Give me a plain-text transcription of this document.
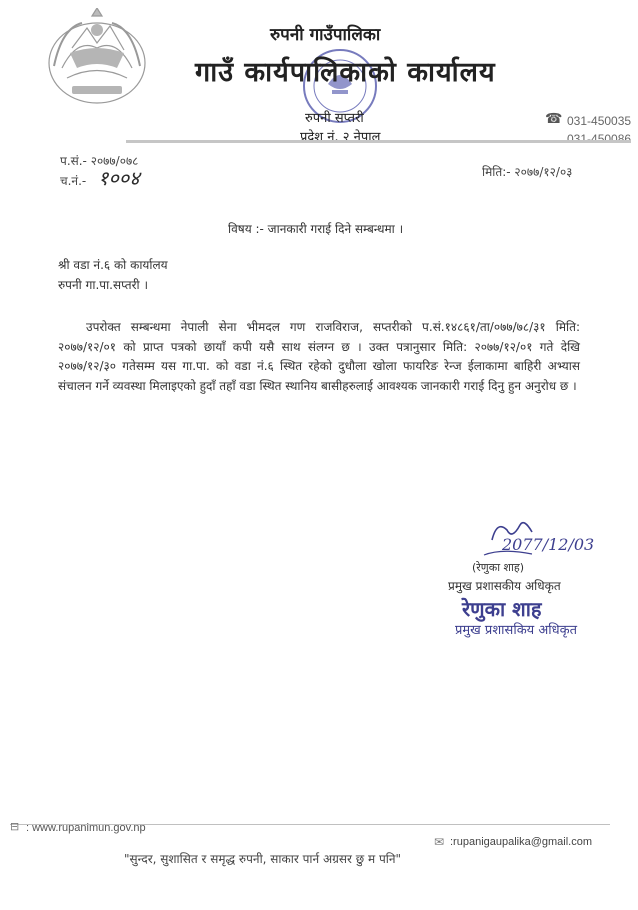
रुपनी गाउँपालिका
गाउँ कार्यपालिकाको कार्यालय
रुपनी सप्तरी
प्रदेश नं. २ नेपाल
☎ 031-450035
031-450086
प.सं.- २०७७/०७८
च.नं.- १००४	मिति:- २०७७/१२/०३
विषय :- जानकारी गराई दिने सम्बन्धमा ।
श्री वडा नं.६ को कार्यालय
रुपनी गा.पा.सप्तरी ।
उपरोक्त सम्बन्धमा नेपाली सेना भीमदल गण राजविराज, सप्तरीको प.सं.१४८६१/ता/०७७/७८/३१ मिति: २०७७/१२/०१ को प्राप्त पत्रको छायाँ कपी यसै साथ संलग्न छ । उक्त पत्रानुसार मिति: २०७७/१२/०१ गते देखि २०७७/१२/३० गतेसम्म यस गा.पा. को वडा नं.६ स्थित रहेको दुधौला खोला फायरिङ रेन्ज ईलाकामा बाहिरी अभ्यास संचालन गर्ने व्यवस्था मिलाइएको हुदाँ तहाँ वडा स्थित स्थानिय बासीहरुलाई आवश्यक जानकारी गराई दिनु हुन अनुरोध छ ।
2077/12/03
(रेणुका शाह)
प्रमुख प्रशासकीय अधिकृत
रेणुका शाह
प्रमुख प्रशासकिय अधिकृत
⊟ : www.rupanimun.gov.np
✉ :rupanigaupalika@gmail.com
"सुन्दर, सुशासित र समृद्ध रुपनी, साकार पार्न अग्रसर छु म पनि"
